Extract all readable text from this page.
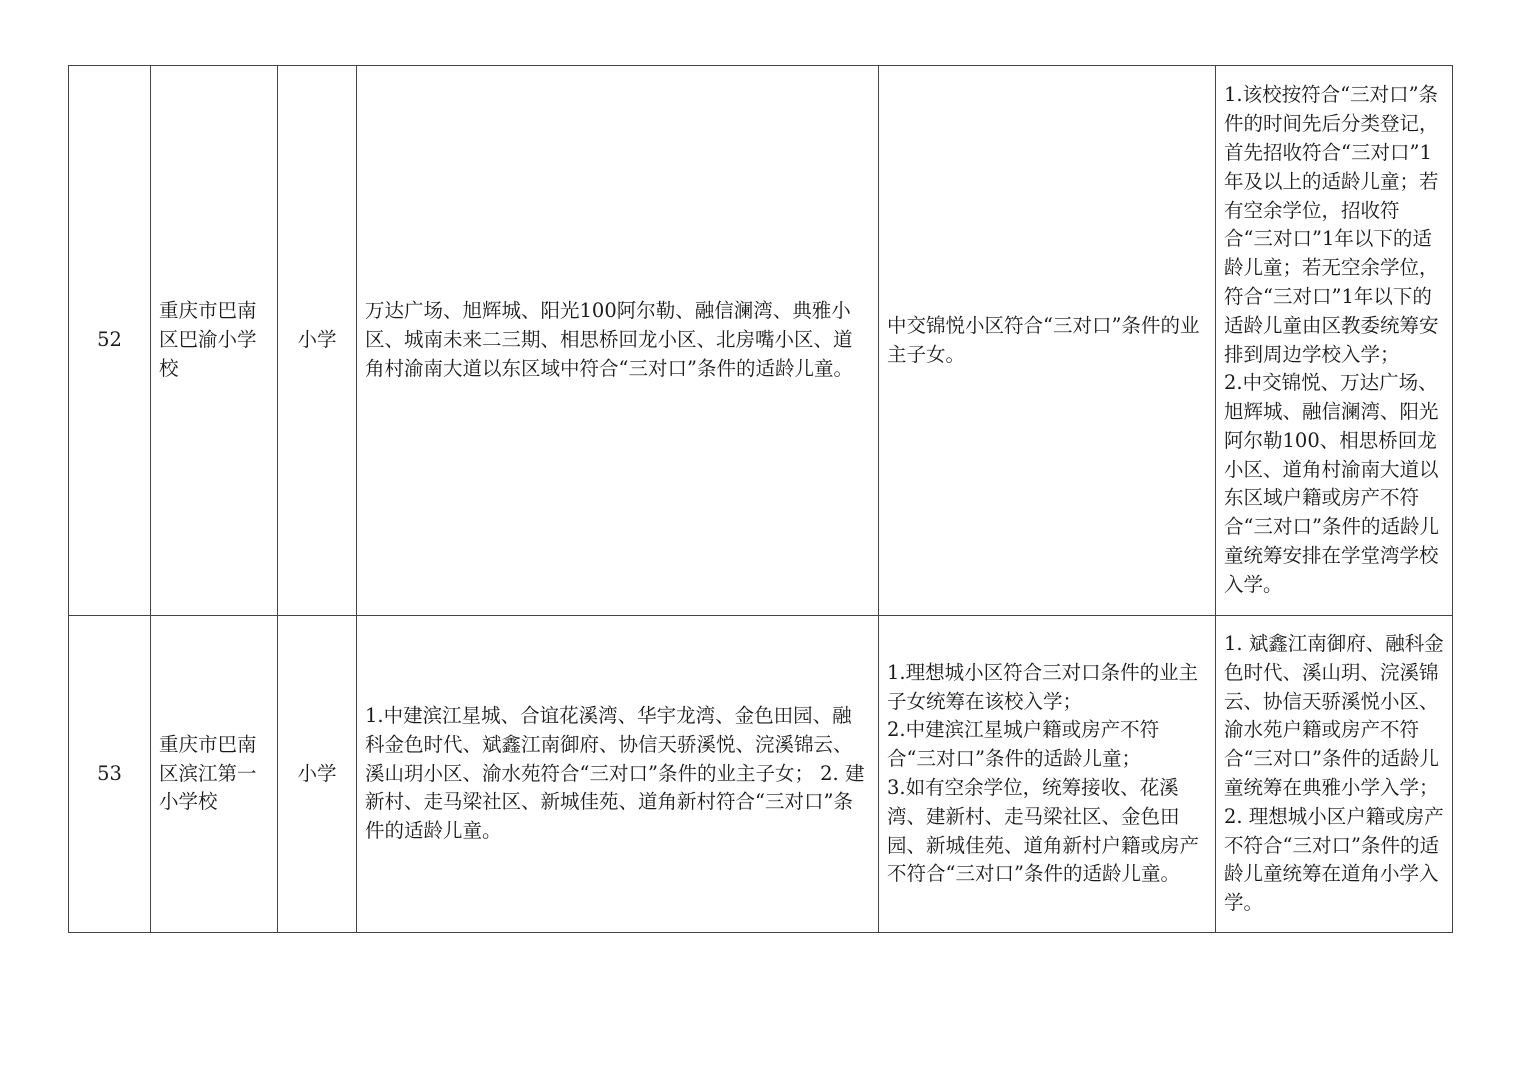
52	重庆市巴南区巴渝小学校	小学	万达广场、旭辉城、阳光100阿尔勒、融信澜湾、典雅小区、城南未来二三期、相思桥回龙小区、北房嘴小区、道角村渝南大道以东区域中符合“三对口”条件的适龄儿童。	中交锦悦小区符合“三对口”条件的业主子女。	1.该校按符合“三对口”条件的时间先后分类登记，首先招收符合“三对口”1年及以上的适龄儿童；若有空余学位，招收符合“三对口”1年以下的适龄儿童；若无空余学位，符合“三对口”1年以下的适龄儿童由区教委统筹安排到周边学校入学；
2.中交锦悦、万达广场、旭辉城、融信澜湾、阳光阿尔勒100、相思桥回龙小区、道角村渝南大道以东区域户籍或房产不符合“三对口”条件的适龄儿童统筹安排在学堂湾学校入学。
53	重庆市巴南区滨江第一小学校	小学	1.中建滨江星城、合谊花溪湾、华宇龙湾、金色田园、融科金色时代、斌鑫江南御府、协信天骄溪悦、浣溪锦云、溪山玥小区、渝水苑符合“三对口”条件的业主子女； 2. 建新村、走马梁社区、新城佳苑、道角新村符合“三对口”条件的适龄儿童。	1.理想城小区符合三对口条件的业主子女统筹在该校入学；
2.中建滨江星城户籍或房产不符合“三对口”条件的适龄儿童；
3.如有空余学位，统筹接收、花溪湾、建新村、走马梁社区、金色田园、新城佳苑、道角新村户籍或房产不符合“三对口”条件的适龄儿童。	1. 斌鑫江南御府、融科金色时代、溪山玥、浣溪锦云、协信天骄溪悦小区、渝水苑户籍或房产不符合“三对口”条件的适龄儿童统筹在典雅小学入学；
2. 理想城小区户籍或房产不符合“三对口”条件的适龄儿童统筹在道角小学入学。
